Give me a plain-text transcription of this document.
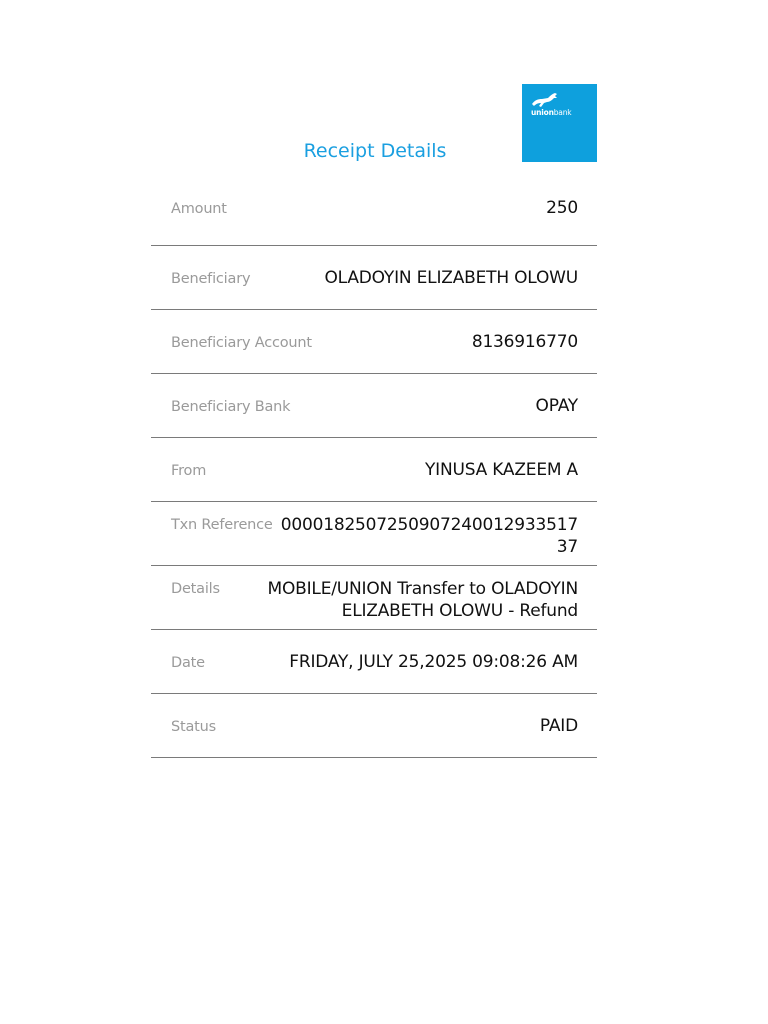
unionbank
Receipt Details
Amount	250
Beneficiary	OLADOYIN ELIZABETH OLOWU
Beneficiary Account	8136916770
Beneficiary Bank	OPAY
From	YINUSA KAZEEM A
Txn Reference 000018250725090724001293351737
Details	MOBILE/UNION Transfer to OLADOYIN ELIZABETH OLOWU - Refund
Date	FRIDAY, JULY 25,2025 09:08:26 AM
Status	PAID
